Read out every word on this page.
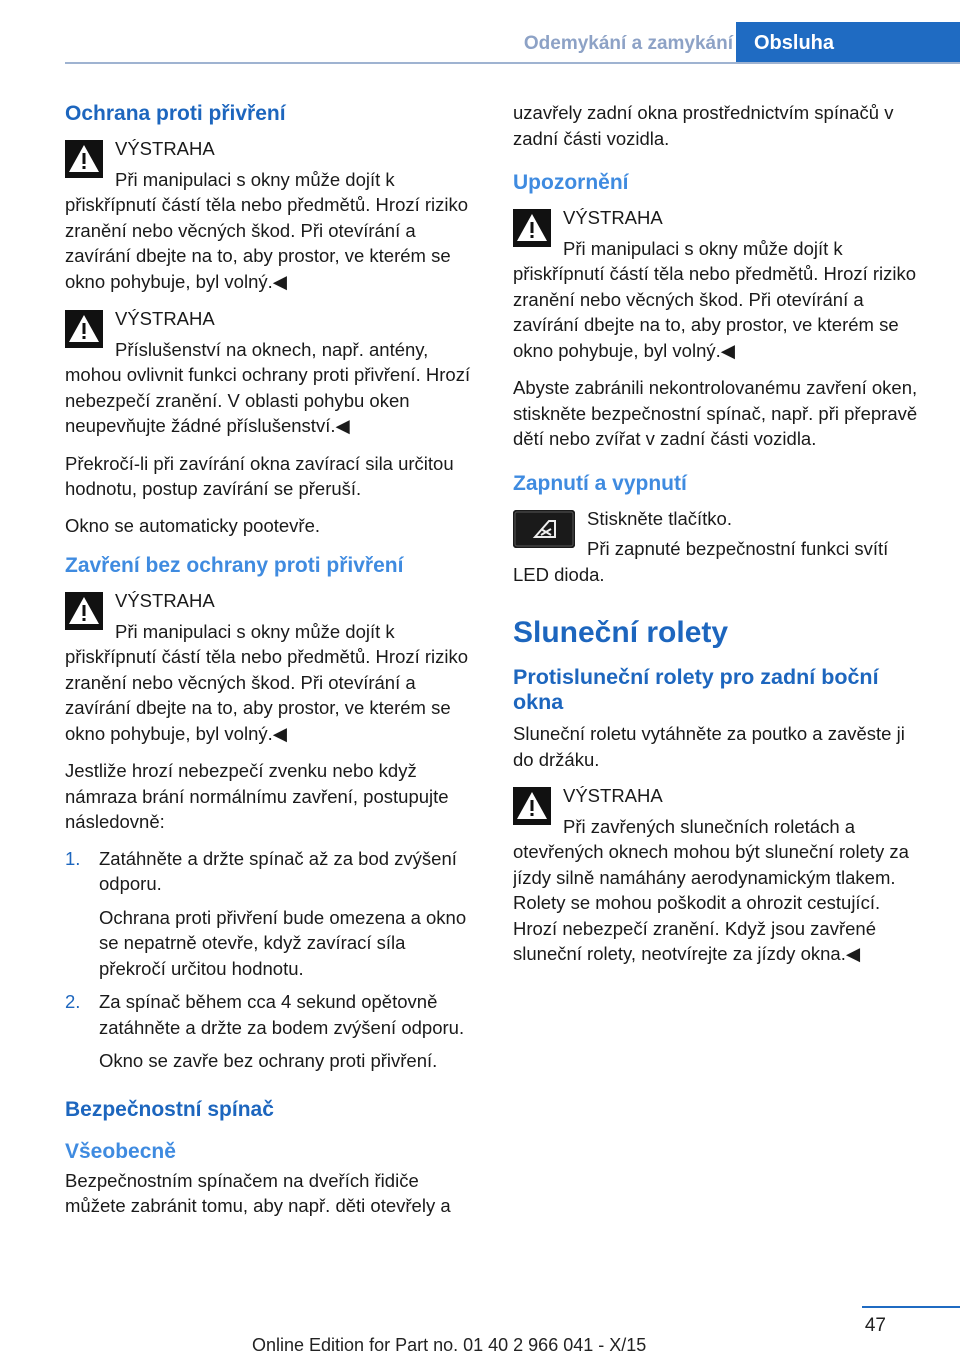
Odemykání a zamykání	Obsluha
Ochrana proti přivření
VÝSTRAHA
Při manipulaci s okny může dojít k přiskřípnutí částí těla nebo předmětů. Hrozí riziko zranění nebo věcných škod. Při otevírání a zavírání dbejte na to, aby prostor, ve kterém se okno pohybuje, byl volný.◀
VÝSTRAHA
Příslušenství na oknech, např. antény, mohou ovlivnit funkci ochrany proti přivření. Hrozí nebezpečí zranění. V oblasti pohybu oken neupevňujte žádné příslušenství.◀
Překročí-li při zavírání okna zavírací sila určitou hodnotu, postup zavírání se přeruší.
Okno se automaticky pootevře.
Zavření bez ochrany proti přivření
VÝSTRAHA
Při manipulaci s okny může dojít k přiskřípnutí částí těla nebo předmětů. Hrozí riziko zranění nebo věcných škod. Při otevírání a zavírání dbejte na to, aby prostor, ve kterém se okno pohybuje, byl volný.◀
Jestliže hrozí nebezpečí zvenku nebo když námraza brání normálnímu zavření, postupujte následovně:
1. Zatáhněte a držte spínač až za bod zvýšení odporu.
Ochrana proti přivření bude omezena a okno se nepatrně otevře, když zavírací síla překročí určitou hodnotu.
2. Za spínač během cca 4 sekund opětovně zatáhněte a držte za bodem zvýšení odporu.
Okno se zavře bez ochrany proti přivření.
Bezpečnostní spínač
Všeobecně
Bezpečnostním spínačem na dveřích řidiče můžete zabránit tomu, aby např. děti otevřely a
uzavřely zadní okna prostřednictvím spínačů v zadní části vozidla.
Upozornění
VÝSTRAHA
Při manipulaci s okny může dojít k přiskřípnutí částí těla nebo předmětů. Hrozí riziko zranění nebo věcných škod. Při otevírání a zavírání dbejte na to, aby prostor, ve kterém se okno pohybuje, byl volný.◀
Abyste zabránili nekontrolovanému zavření oken, stiskněte bezpečnostní spínač, např. při přepravě dětí nebo zvířat v zadní části vozidla.
Zapnutí a vypnutí
Stiskněte tlačítko.
Při zapnuté bezpečnostní funkci svítí LED dioda.
Sluneční rolety
Protisluneční rolety pro zadní boční okna
Sluneční roletu vytáhněte za poutko a zavěste ji do držáku.
VÝSTRAHA
Při zavřených slunečních roletách a otevřených oknech mohou být sluneční rolety za jízdy silně namáhány aerodynamickým tlakem. Rolety se mohou poškodit a ohrozit cestující. Hrozí nebezpečí zranění. Když jsou zavřené sluneční rolety, neotvírejte za jízdy okna.◀
47
Online Edition for Part no. 01 40 2 966 041 - X/15
